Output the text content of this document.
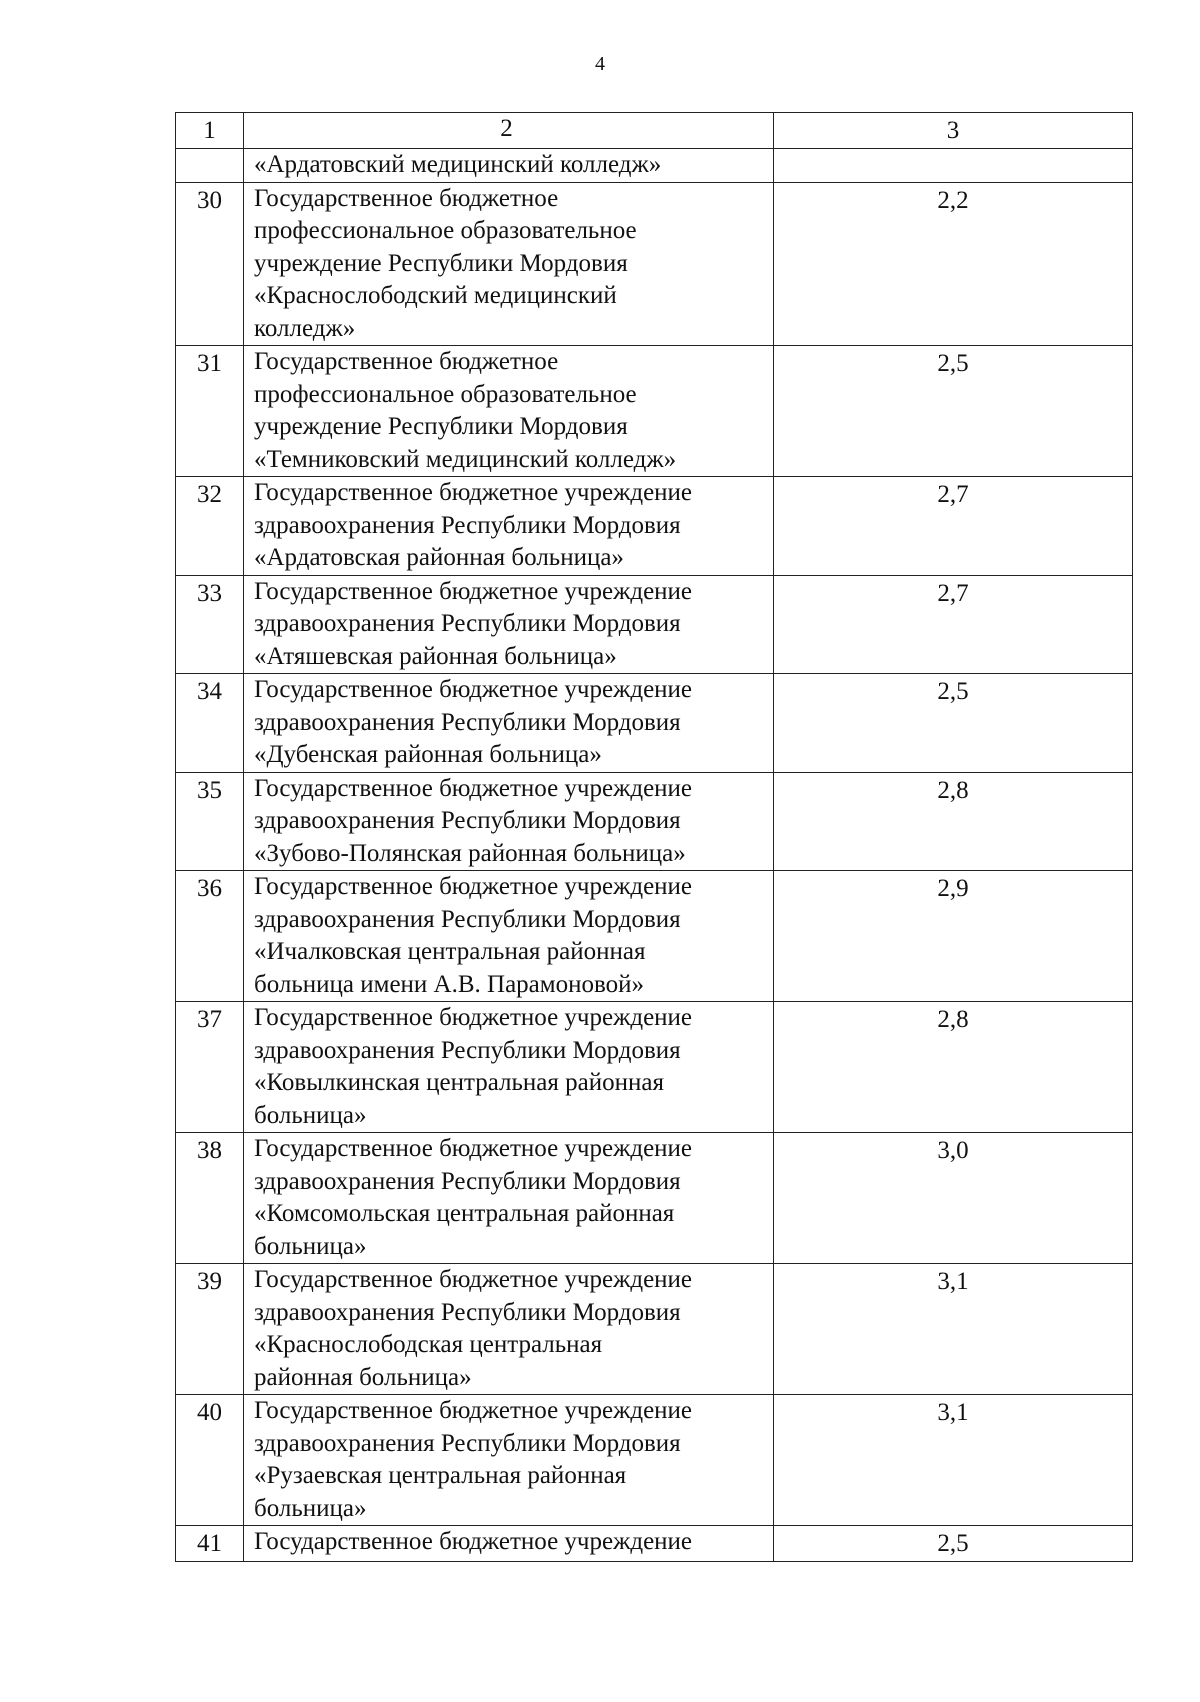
4
1	2	3
	«Ардатовский медицинский колледж»	
30	Государственное бюджетное
профессиональное образовательное
учреждение Республики Мордовия
«Краснослободский медицинский
колледж»	2,2
31	Государственное бюджетное
профессиональное образовательное
учреждение Республики Мордовия
«Темниковский медицинский колледж»	2,5
32	Государственное бюджетное учреждение
здравоохранения Республики Мордовия
«Ардатовская районная больница»	2,7
33	Государственное бюджетное учреждение
здравоохранения Республики Мордовия
«Атяшевская районная больница»	2,7
34	Государственное бюджетное учреждение
здравоохранения Республики Мордовия
«Дубенская районная больница»	2,5
35	Государственное бюджетное учреждение
здравоохранения Республики Мордовия
«Зубово-Полянская районная больница»	2,8
36	Государственное бюджетное учреждение
здравоохранения Республики Мордовия
«Ичалковская центральная районная
больница имени А.В. Парамоновой»	2,9
37	Государственное бюджетное учреждение
здравоохранения Республики Мордовия
«Ковылкинская центральная районная
больница»	2,8
38	Государственное бюджетное учреждение
здравоохранения Республики Мордовия
«Комсомольская центральная районная
больница»	3,0
39	Государственное бюджетное учреждение
здравоохранения Республики Мордовия
«Краснослободская центральная
районная больница»	3,1
40	Государственное бюджетное учреждение
здравоохранения Республики Мордовия
«Рузаевская центральная районная
больница»	3,1
41	Государственное бюджетное учреждение	2,5
